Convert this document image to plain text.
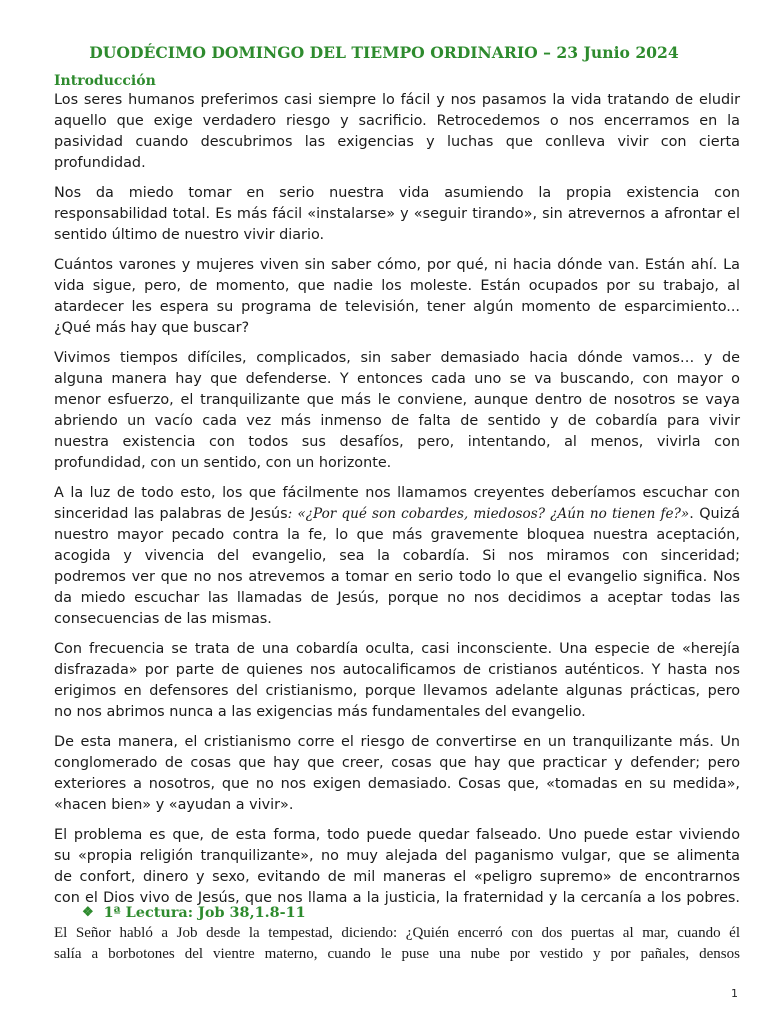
DUODÉCIMO DOMINGO DEL TIEMPO ORDINARIO – 23 Junio 2024
Introducción
Los seres humanos preferimos casi siempre lo fácil y nos pasamos la vida tratando de eludir
aquello que exige verdadero riesgo y sacrificio. Retrocedemos o nos encerramos en la
pasividad cuando descubrimos las exigencias y luchas que conlleva vivir con cierta
profundidad.
Nos da miedo tomar en serio nuestra vida asumiendo la propia existencia con
responsabilidad total. Es más fácil «instalarse» y «seguir tirando», sin atrevernos a afrontar el
sentido último de nuestro vivir diario.
Cuántos varones y mujeres viven sin saber cómo, por qué, ni hacia dónde van. Están ahí. La
vida sigue, pero, de momento, que nadie los moleste. Están ocupados por su trabajo, al
atardecer les espera su programa de televisión, tener algún momento de esparcimiento...
¿Qué más hay que buscar?
Vivimos tiempos difíciles, complicados, sin saber demasiado hacia dónde vamos… y de
alguna manera hay que defenderse. Y entonces cada uno se va buscando, con mayor o
menor esfuerzo, el tranquilizante que más le conviene, aunque dentro de nosotros se vaya
abriendo un vacío cada vez más inmenso de falta de sentido y de cobardía para vivir
nuestra existencia con todos sus desafíos, pero, intentando, al menos, vivirla con
profundidad, con un sentido, con un horizonte.
A la luz de todo esto, los que fácilmente nos llamamos creyentes deberíamos escuchar con
sinceridad las palabras de Jesús: «¿Por qué son cobardes, miedosos? ¿Aún no tienen fe?». Quizá
nuestro mayor pecado contra la fe, lo que más gravemente bloquea nuestra aceptación,
acogida y vivencia del evangelio, sea la cobardía. Si nos miramos con sinceridad;
podremos ver que no nos atrevemos a tomar en serio todo lo que el evangelio significa. Nos
da miedo escuchar las llamadas de Jesús, porque no nos decidimos a aceptar todas las
consecuencias de las mismas.
Con frecuencia se trata de una cobardía oculta, casi inconsciente. Una especie de «herejía
disfrazada» por parte de quienes nos autocalificamos de cristianos auténticos. Y hasta nos
erigimos en defensores del cristianismo, porque llevamos adelante algunas prácticas, pero
no nos abrimos nunca a las exigencias más fundamentales del evangelio.
De esta manera, el cristianismo corre el riesgo de convertirse en un tranquilizante más. Un
conglomerado de cosas que hay que creer, cosas que hay que practicar y defender; pero
exteriores a nosotros, que no nos exigen demasiado. Cosas que, «tomadas en su medida»,
«hacen bien» y «ayudan a vivir».
El problema es que, de esta forma, todo puede quedar falseado. Uno puede estar viviendo
su «propia religión tranquilizante», no muy alejada del paganismo vulgar, que se alimenta
de confort, dinero y sexo, evitando de mil maneras el «peligro supremo» de encontrarnos
con el Dios vivo de Jesús, que nos llama a la justicia, la fraternidad y la cercanía a los pobres.
❖ 1ª Lectura: Job 38,1.8-11
El Señor habló a Job desde la tempestad, diciendo: ¿Quién encerró con dos puertas al mar, cuando él
salía a borbotones del vientre materno, cuando le puse una nube por vestido y por pañales, densos
1
